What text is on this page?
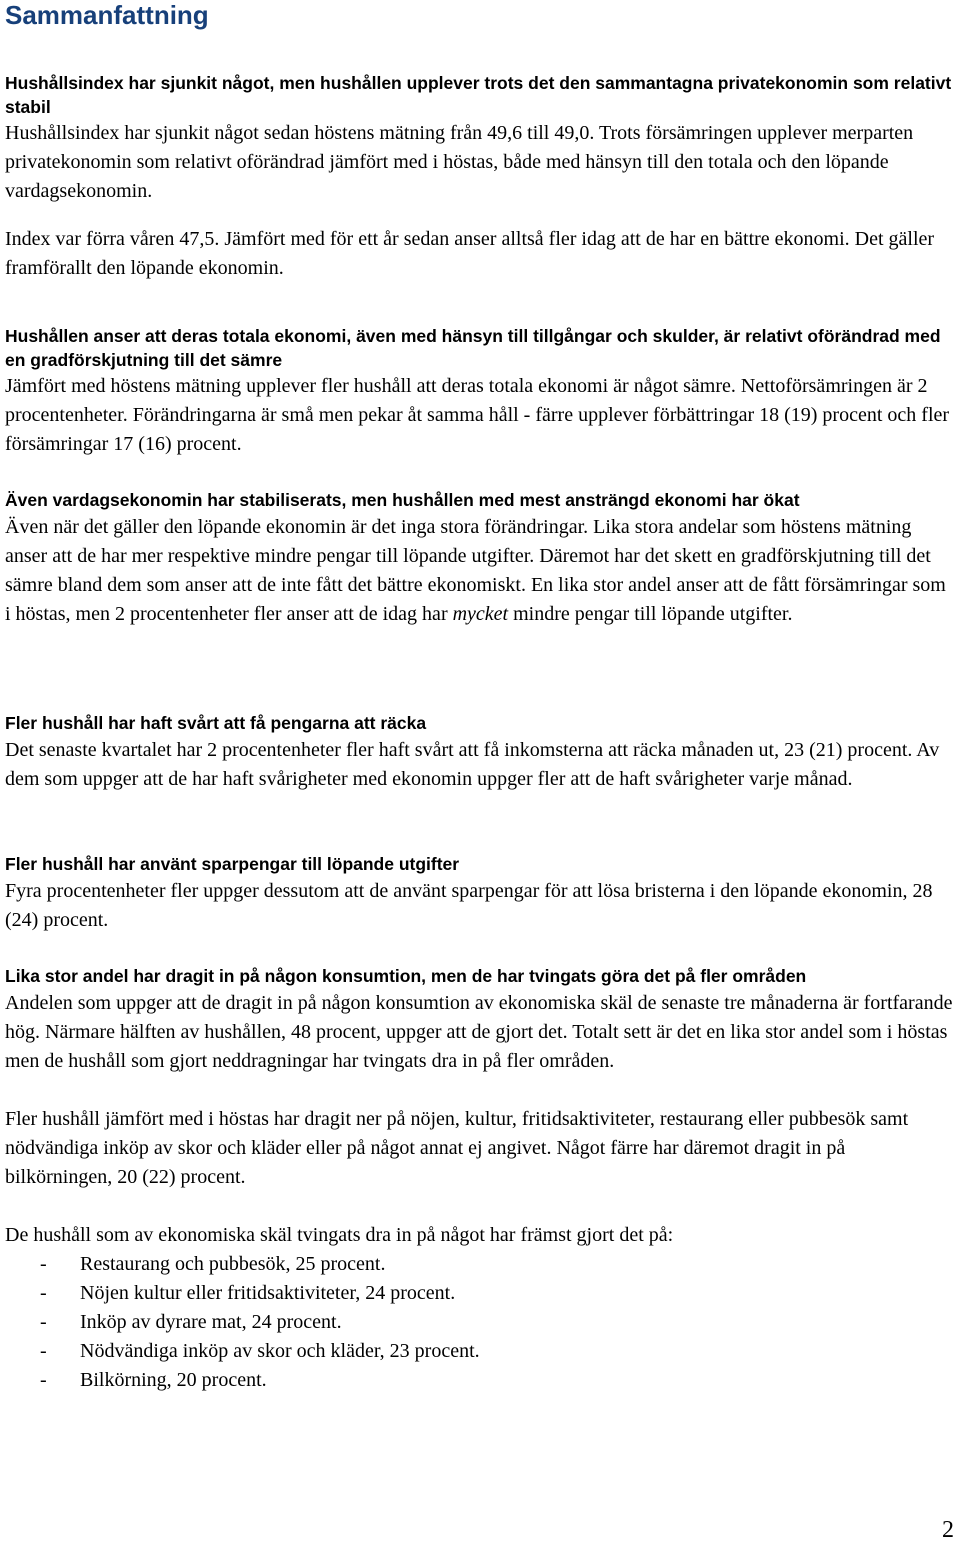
Sammanfattning

Hushållsindex har sjunkit något, men hushållen upplever trots det den sammantagna privatekonomin som relativt stabil

Hushållsindex har sjunkit något sedan höstens mätning från 49,6 till 49,0. Trots försämringen upplever merparten privatekonomin som relativt oförändrad jämfört med i höstas, både med hänsyn till den totala och den löpande vardagsekonomin.

Index var förra våren 47,5. Jämfört med för ett år sedan anser alltså fler idag att de har en bättre ekonomi. Det gäller framförallt den löpande ekonomin.

Hushållen anser att deras totala ekonomi, även med hänsyn till tillgångar och skulder, är relativt oförändrad med en gradförskjutning till det sämre

Jämfört med höstens mätning upplever fler hushåll att deras totala ekonomi är något sämre. Nettoförsämringen är 2 procentenheter. Förändringarna är små men pekar åt samma håll - färre upplever förbättringar 18 (19) procent och fler försämringar 17 (16) procent.

Även vardagsekonomin har stabiliserats, men hushållen med mest ansträngd ekonomi har ökat

Även när det gäller den löpande ekonomin är det inga stora förändringar. Lika stora andelar som höstens mätning anser att de har mer respektive mindre pengar till löpande utgifter. Däremot har det skett en gradförskjutning till det sämre bland dem som anser att de inte fått det bättre ekonomiskt. En lika stor andel anser att de fått försämringar som i höstas, men 2 procentenheter fler anser att de idag har mycket mindre pengar till löpande utgifter.

Fler hushåll har haft svårt att få pengarna att räcka

Det senaste kvartalet har 2 procentenheter fler haft svårt att få inkomsterna att räcka månaden ut, 23 (21) procent. Av dem som uppger att de har haft svårigheter med ekonomin uppger fler att de haft svårigheter varje månad.

Fler hushåll har använt sparpengar till löpande utgifter

Fyra procentenheter fler uppger dessutom att de använt sparpengar för att lösa bristerna i den löpande ekonomin, 28 (24) procent.

Lika stor andel har dragit in på någon konsumtion, men de har tvingats göra det på fler områden

Andelen som uppger att de dragit in på någon konsumtion av ekonomiska skäl de senaste tre månaderna är fortfarande hög. Närmare hälften av hushållen, 48 procent, uppger att de gjort det. Totalt sett är det en lika stor andel som i höstas men de hushåll som gjort neddragningar har tvingats dra in på fler områden.

Fler hushåll jämfört med i höstas har dragit ner på nöjen, kultur, fritidsaktiviteter, restaurang eller pubbesök samt nödvändiga inköp av skor och kläder eller på något annat ej angivet. Något färre har däremot dragit in på bilkörningen, 20 (22) procent.

De hushåll som av ekonomiska skäl tvingats dra in på något har främst gjort det på:

- Restaurang och pubbesök, 25 procent.
- Nöjen kultur eller fritidsaktiviteter, 24 procent.
- Inköp av dyrare mat, 24 procent.
- Nödvändiga inköp av skor och kläder, 23 procent.
- Bilkörning, 20 procent.
2
